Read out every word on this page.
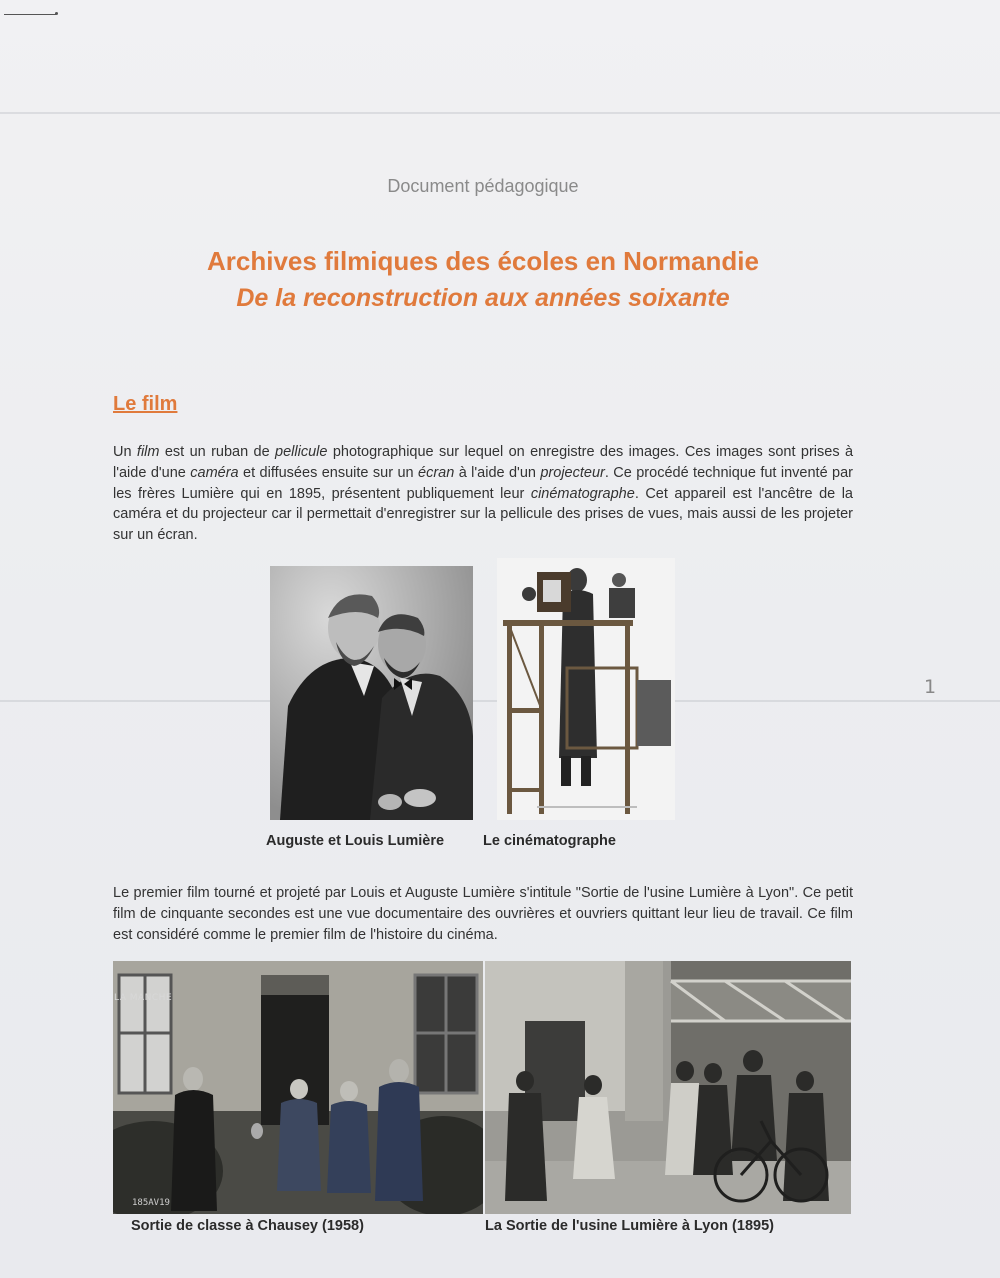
Document pédagogique
Archives filmiques des écoles en Normandie
De la reconstruction aux années soixante
Le film
Un film est un ruban de pellicule photographique sur lequel on enregistre des images. Ces images sont prises à l'aide d'une caméra et diffusées ensuite sur un écran à l'aide d'un projecteur. Ce procédé technique fut inventé par les frères Lumière qui en 1895, présentent publiquement leur cinématographe. Cet appareil est l'ancêtre de la caméra et du projecteur car il permettait d'enregistrer sur la pellicule des prises de vues, mais aussi de les projeter sur un écran.
Auguste et Louis Lumière	Le cinématographe
1
Le premier film tourné et projeté par Louis et Auguste Lumière s'intitule "Sortie de l'usine Lumière à Lyon". Ce petit film de cinquante secondes est une vue documentaire des ouvrières et ouvriers quittant leur lieu de travail. Ce film est considéré comme le premier film de l'histoire du cinéma.
LA MANCHE
185AV19
Sortie de classe à Chausey (1958)	La Sortie de l'usine Lumière à Lyon (1895)
